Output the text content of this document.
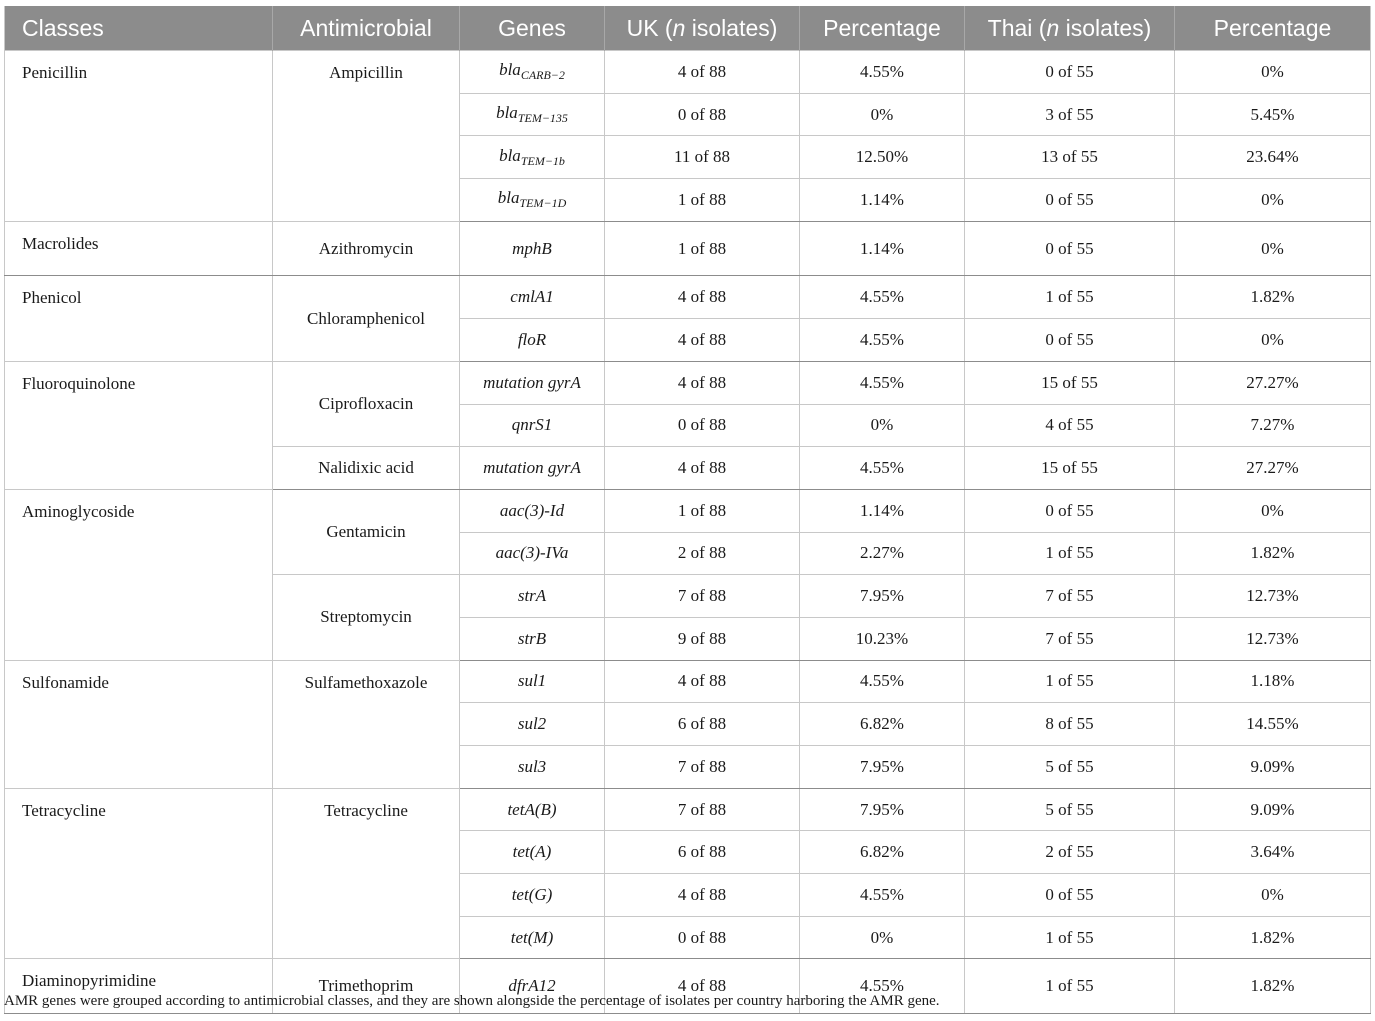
Classes	Antimicrobial	Genes	UK (n isolates)	Percentage	Thai (n isolates)	Percentage
Penicillin	Ampicillin	bla$_{CARB-2}$	4 of 88	4.55%	0 of 55	0%
		bla$_{TEM-135}$	0 of 88	0%	3 of 55	5.45%
		bla$_{TEM-1b}$	11 of 88	12.50%	13 of 55	23.64%
		bla$_{TEM-1D}$	1 of 88	1.14%	0 of 55	0%
Macrolides	Azithromycin	mphB	1 of 88	1.14%	0 of 55	0%
Phenicol	Chloramphenicol	cmlA1	4 of 88	4.55%	1 of 55	1.82%
		floR	4 of 88	4.55%	0 of 55	0%
Fluoroquinolone	Ciprofloxacin	mutation gyrA	4 of 88	4.55%	15 of 55	27.27%
		qnrS1	0 of 88	0%	4 of 55	7.27%
	Nalidixic acid	mutation gyrA	4 of 88	4.55%	15 of 55	27.27%
Aminoglycoside	Gentamicin	aac(3)-Id	1 of 88	1.14%	0 of 55	0%
		aac(3)-IVa	2 of 88	2.27%	1 of 55	1.82%
	Streptomycin	strA	7 of 88	7.95%	7 of 55	12.73%
		strB	9 of 88	10.23%	7 of 55	12.73%
Sulfonamide	Sulfamethoxazole	sul1	4 of 88	4.55%	1 of 55	1.18%
		sul2	6 of 88	6.82%	8 of 55	14.55%
		sul3	7 of 88	7.95%	5 of 55	9.09%
Tetracycline	Tetracycline	tetA(B)	7 of 88	7.95%	5 of 55	9.09%
		tet(A)	6 of 88	6.82%	2 of 55	3.64%
		tet(G)	4 of 88	4.55%	0 of 55	0%
		tet(M)	0 of 88	0%	1 of 55	1.82%
Diaminopyrimidine	Trimethoprim	dfrA12	4 of 88	4.55%	1 of 55	1.82%
AMR genes were grouped according to antimicrobial classes, and they are shown alongside the percentage of isolates per country harboring the AMR gene.
